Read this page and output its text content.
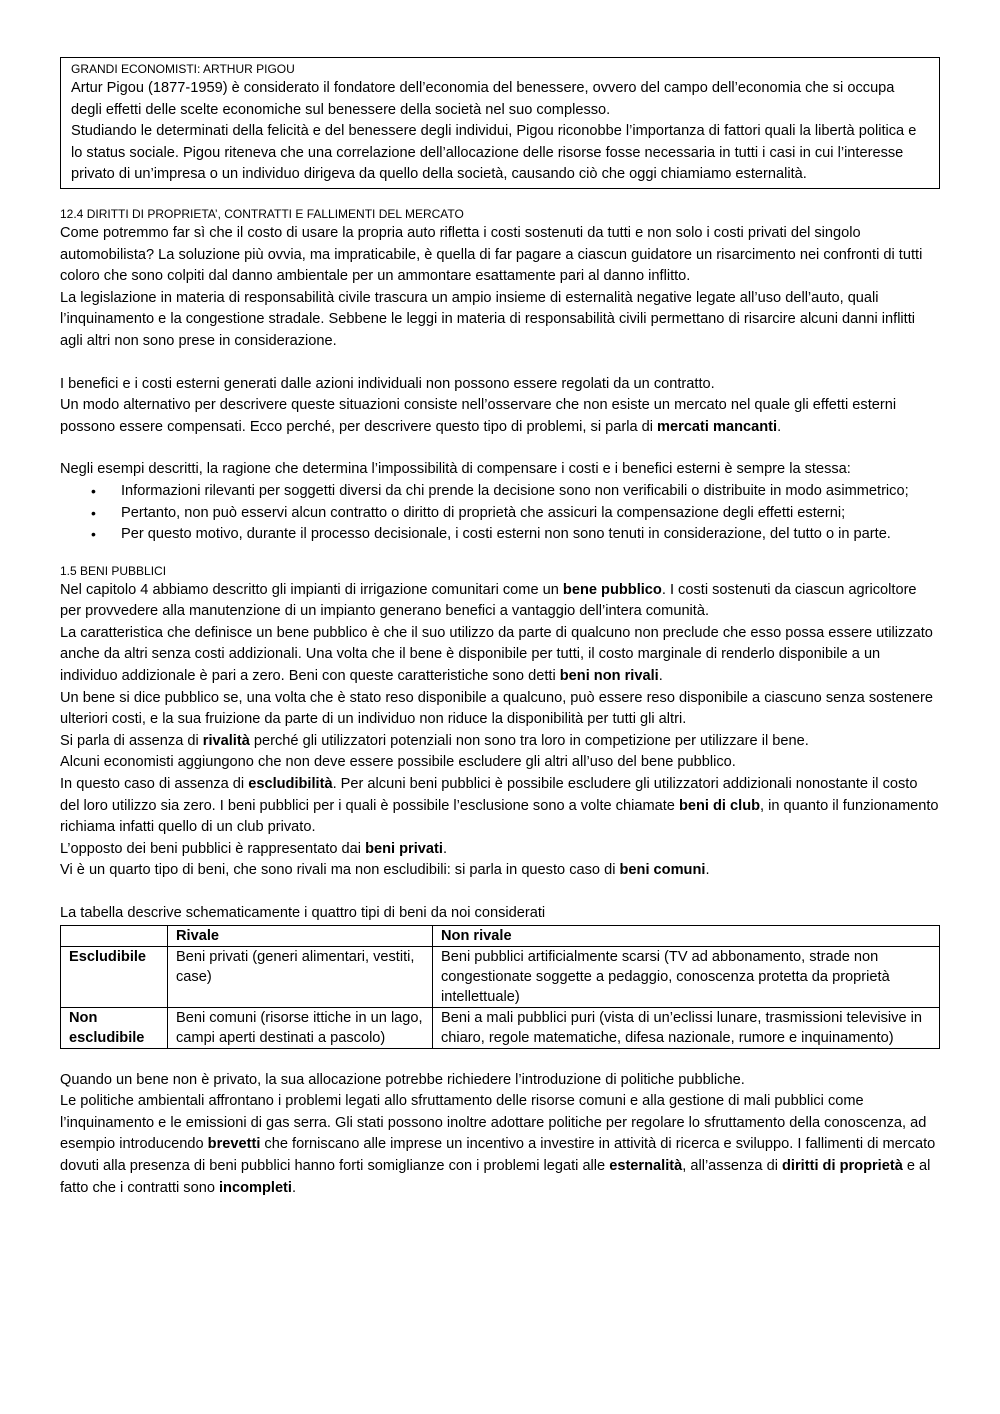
GRANDI ECONOMISTI: ARTHUR PIGOU

Artur Pigou (1877-1959) è considerato il fondatore dell’economia del benessere, ovvero del campo dell’economia che si occupa degli effetti delle scelte economiche sul benessere della società nel suo complesso.

Studiando le determinati della felicità e del benessere degli individui, Pigou riconobbe l’importanza di fattori quali la libertà politica e lo status sociale. Pigou riteneva che una correlazione dell’allocazione delle risorse fosse necessaria in tutti i casi in cui l’interesse privato di un’impresa o un individuo dirigeva da quello della società, causando ciò che oggi chiamiamo esternalità.

12.4 DIRITTI DI PROPRIETA’, CONTRATTI E FALLIMENTI DEL MERCATO

Come potremmo far sì che il costo di usare la propria auto rifletta i costi sostenuti da tutti e non solo i costi privati del singolo automobilista? La soluzione più ovvia, ma impraticabile, è quella di far pagare a ciascun guidatore un risarcimento nei confronti di tutti coloro che sono colpiti dal danno ambientale per un ammontare esattamente pari al danno inflitto.

La legislazione in materia di responsabilità civile trascura un ampio insieme di esternalità negative legate all’uso dell’auto, quali l’inquinamento e la congestione stradale. Sebbene le leggi in materia di responsabilità civili permettano di risarcire alcuni danni inflitti agli altri non sono prese in considerazione.

I benefici e i costi esterni generati dalle azioni individuali non possono essere regolati da un contratto.

Un modo alternativo per descrivere queste situazioni consiste nell’osservare che non esiste un mercato nel quale gli effetti esterni possono essere compensati. Ecco perché, per descrivere questo tipo di problemi, si parla di mercati mancanti.

Negli esempi descritti, la ragione che determina l’impossibilità di compensare i costi e i benefici esterni è sempre la stessa:

• Informazioni rilevanti per soggetti diversi da chi prende la decisione sono non verificabili o distribuite in modo asimmetrico;
• Pertanto, non può esservi alcun contratto o diritto di proprietà che assicuri la compensazione degli effetti esterni;
• Per questo motivo, durante il processo decisionale, i costi esterni non sono tenuti in considerazione, del tutto o in parte.
1.5 BENI PUBBLICI

Nel capitolo 4 abbiamo descritto gli impianti di irrigazione comunitari come un bene pubblico. I costi sostenuti da ciascun agricoltore per provvedere alla manutenzione di un impianto generano benefici a vantaggio dell’intera comunità.

La caratteristica che definisce un bene pubblico è che il suo utilizzo da parte di qualcuno non preclude che esso possa essere utilizzato anche da altri senza costi addizionali. Una volta che il bene è disponibile per tutti, il costo marginale di renderlo disponibile a un individuo addizionale è pari a zero. Beni con queste caratteristiche sono detti beni non rivali.

Un bene si dice pubblico se, una volta che è stato reso disponibile a qualcuno, può essere reso disponibile a ciascuno senza sostenere ulteriori costi, e la sua fruizione da parte di un individuo non riduce la disponibilità per tutti gli altri.

Si parla di assenza di rivalità perché gli utilizzatori potenziali non sono tra loro in competizione per utilizzare il bene.

Alcuni economisti aggiungono che non deve essere possibile escludere gli altri all’uso del bene pubblico.

In questo caso di assenza di escludibilità. Per alcuni beni pubblici è possibile escludere gli utilizzatori addizionali nonostante il costo del loro utilizzo sia zero. I beni pubblici per i quali è possibile l’esclusione sono a volte chiamate beni di club, in quanto il funzionamento richiama infatti quello di un club privato.

L’opposto dei beni pubblici è rappresentato dai beni privati.

Vi è un quarto tipo di beni, che sono rivali ma non escludibili: si parla in questo caso di beni comuni.

La tabella descrive schematicamente i quattro tipi di beni da noi considerati

	Rivale	Non rivale
Escludibile	Beni privati (generi alimentari, vestiti, case)	Beni pubblici artificialmente scarsi (TV ad abbonamento, strade non congestionate soggette a pedaggio, conoscenza protetta da proprietà intellettuale)
Non escludibile	Beni comuni (risorse ittiche in un lago, campi aperti destinati a pascolo)	Beni a mali pubblici puri (vista di un’eclissi lunare, trasmissioni televisive in chiaro, regole matematiche, difesa nazionale, rumore e inquinamento)

Quando un bene non è privato, la sua allocazione potrebbe richiedere l’introduzione di politiche pubbliche.

Le politiche ambientali affrontano i problemi legati allo sfruttamento delle risorse comuni e alla gestione di mali pubblici come l’inquinamento e le emissioni di gas serra. Gli stati possono inoltre adottare politiche per regolare lo sfruttamento della conoscenza, ad esempio introducendo brevetti che forniscano alle imprese un incentivo a investire in attività di ricerca e sviluppo. I fallimenti di mercato dovuti alla presenza di beni pubblici hanno forti somiglianze con i problemi legati alle esternalità, all’assenza di diritti di proprietà e al fatto che i contratti sono incompleti.
